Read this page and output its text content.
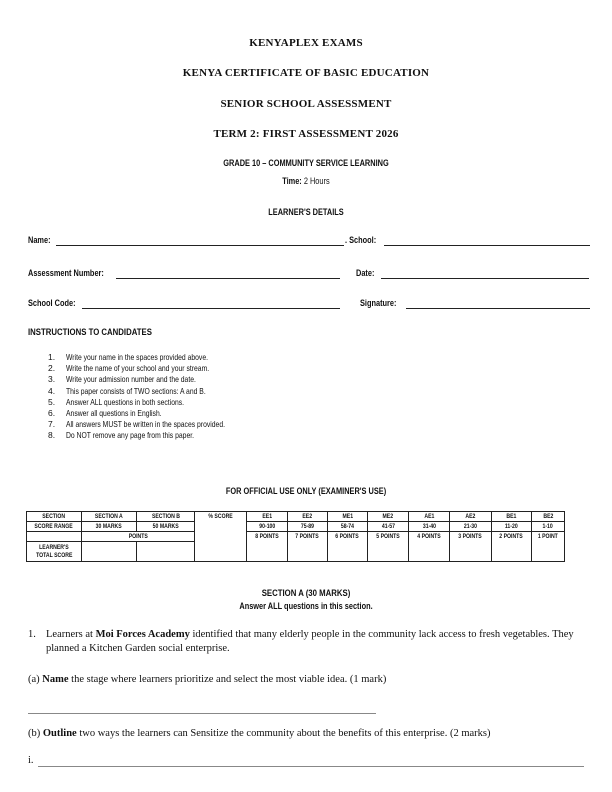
KENYAPLEX EXAMS
KENYA CERTIFICATE OF BASIC EDUCATION
SENIOR SCHOOL ASSESSMENT
TERM 2: FIRST ASSESSMENT 2026
GRADE 10 – COMMUNITY SERVICE LEARNING
Time: 2 Hours
LEARNER'S DETAILS
Name:	. School:
Assessment Number:	Date:
School Code:	Signature:
INSTRUCTIONS TO CANDIDATES
1. Write your name in the spaces provided above.
2. Write the name of your school and your stream.
3. Write your admission number and the date.
4. This paper consists of TWO sections: A and B.
5. Answer ALL questions in both sections.
6. Answer all questions in English.
7. All answers MUST be written in the spaces provided.
8. Do NOT remove any page from this paper.
FOR OFFICIAL USE ONLY (EXAMINER'S USE)
SECTION	SECTION A	SECTION B	% SCORE	EE1	EE2	ME1	ME2	AE1	AE2	BE1	BE2
SCORE RANGE	30 MARKS	50 MARKS		90-100	75-89	58-74	41-57	31-40	21-30	11-20	1-10
	POINTS			8 POINTS	7 POINTS	6 POINTS	5 POINTS	4 POINTS	3 POINTS	2 POINTS	1 POINT
LEARNER'S
TOTAL SCORE											
SECTION A (30 MARKS)
Answer ALL questions in this section.
1. Learners at Moi Forces Academy identified that many elderly people in the community lack access to fresh vegetables. They planned a Kitchen Garden social enterprise.
(a) Name the stage where learners prioritize and select the most viable idea. (1 mark)
(b) Outline two ways the learners can Sensitize the community about the benefits of this enterprise. (2 marks)
i.
